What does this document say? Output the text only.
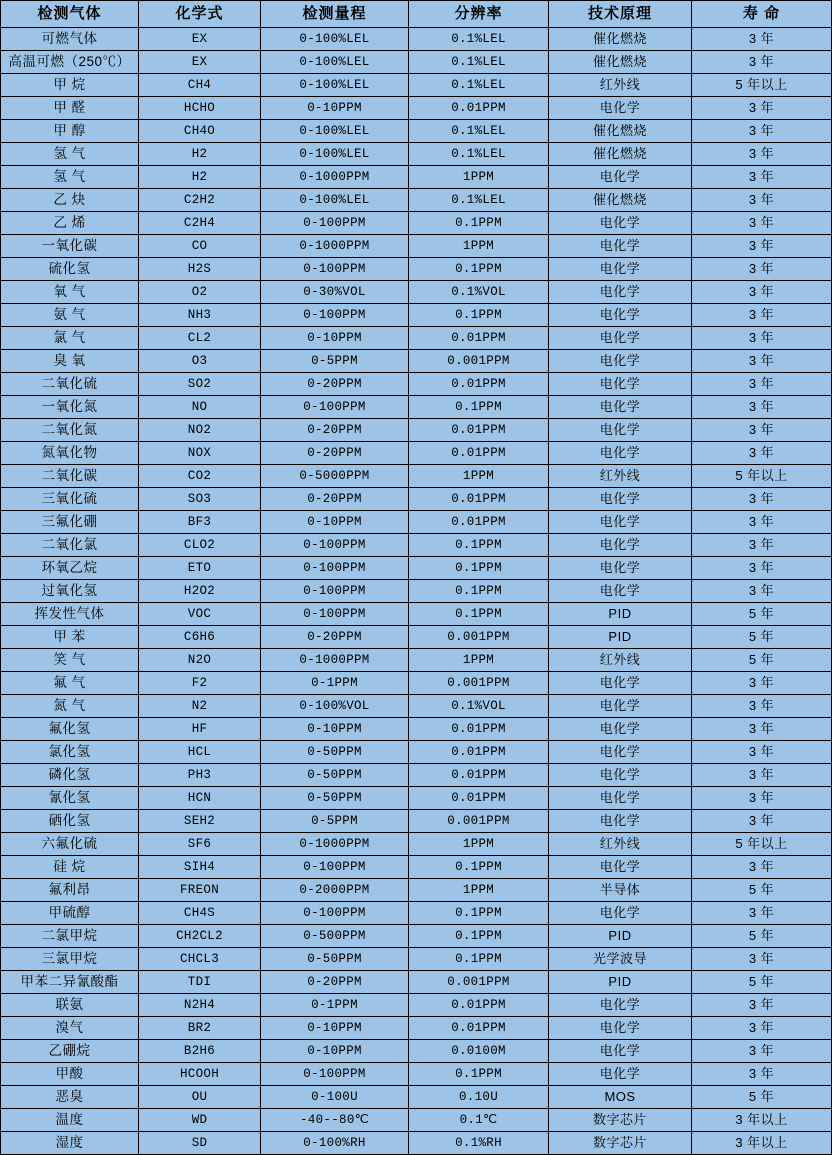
检测气体	化学式	检测量程	分辨率	技术原理	寿 命
可燃气体	EX	0-100%LEL	0.1%LEL	催化燃烧	3 年
高温可燃（250℃）	EX	0-100%LEL	0.1%LEL	催化燃烧	3 年
甲 烷	CH4	0-100%LEL	0.1%LEL	红外线	5 年以上
甲 醛	HCHO	0-10PPM	0.01PPM	电化学	3 年
甲 醇	CH4O	0-100%LEL	0.1%LEL	催化燃烧	3 年
氢 气	H2	0-100%LEL	0.1%LEL	催化燃烧	3 年
氢 气	H2	0-1000PPM	1PPM	电化学	3 年
乙 炔	C2H2	0-100%LEL	0.1%LEL	催化燃烧	3 年
乙 烯	C2H4	0-100PPM	0.1PPM	电化学	3 年
一氧化碳	CO	0-1000PPM	1PPM	电化学	3 年
硫化氢	H2S	0-100PPM	0.1PPM	电化学	3 年
氧 气	O2	0-30%VOL	0.1%VOL	电化学	3 年
氨 气	NH3	0-100PPM	0.1PPM	电化学	3 年
氯 气	CL2	0-10PPM	0.01PPM	电化学	3 年
臭 氧	O3	0-5PPM	0.001PPM	电化学	3 年
二氧化硫	SO2	0-20PPM	0.01PPM	电化学	3 年
一氧化氮	NO	0-100PPM	0.1PPM	电化学	3 年
二氧化氮	NO2	0-20PPM	0.01PPM	电化学	3 年
氮氧化物	NOX	0-20PPM	0.01PPM	电化学	3 年
二氧化碳	CO2	0-5000PPM	1PPM	红外线	5 年以上
三氧化硫	SO3	0-20PPM	0.01PPM	电化学	3 年
三氟化硼	BF3	0-10PPM	0.01PPM	电化学	3 年
二氧化氯	CLO2	0-100PPM	0.1PPM	电化学	3 年
环氧乙烷	ETO	0-100PPM	0.1PPM	电化学	3 年
过氧化氢	H2O2	0-100PPM	0.1PPM	电化学	3 年
挥发性气体	VOC	0-100PPM	0.1PPM	PID	5 年
甲 苯	C6H6	0-20PPM	0.001PPM	PID	5 年
笑 气	N2O	0-1000PPM	1PPM	红外线	5 年
氟 气	F2	0-1PPM	0.001PPM	电化学	3 年
氮 气	N2	0-100%VOL	0.1%VOL	电化学	3 年
氟化氢	HF	0-10PPM	0.01PPM	电化学	3 年
氯化氢	HCL	0-50PPM	0.01PPM	电化学	3 年
磷化氢	PH3	0-50PPM	0.01PPM	电化学	3 年
氰化氢	HCN	0-50PPM	0.01PPM	电化学	3 年
硒化氢	SEH2	0-5PPM	0.001PPM	电化学	3 年
六氟化硫	SF6	0-1000PPM	1PPM	红外线	5 年以上
硅 烷	SIH4	0-100PPM	0.1PPM	电化学	3 年
氟利昂	FREON	0-2000PPM	1PPM	半导体	5 年
甲硫醇	CH4S	0-100PPM	0.1PPM	电化学	3 年
二氯甲烷	CH2CL2	0-500PPM	0.1PPM	PID	5 年
三氯甲烷	CHCL3	0-50PPM	0.1PPM	光学波导	3 年
甲苯二异氰酸酯	TDI	0-20PPM	0.001PPM	PID	5 年
联氨	N2H4	0-1PPM	0.01PPM	电化学	3 年
溴气	BR2	0-10PPM	0.01PPM	电化学	3 年
乙硼烷	B2H6	0-10PPM	0.0100M	电化学	3 年
甲酸	HCOOH	0-100PPM	0.1PPM	电化学	3 年
恶臭	OU	0-100U	0.10U	MOS	5 年
温度	WD	-40--80℃	0.1℃	数字芯片	3 年以上
湿度	SD	0-100%RH	0.1%RH	数字芯片	3 年以上
